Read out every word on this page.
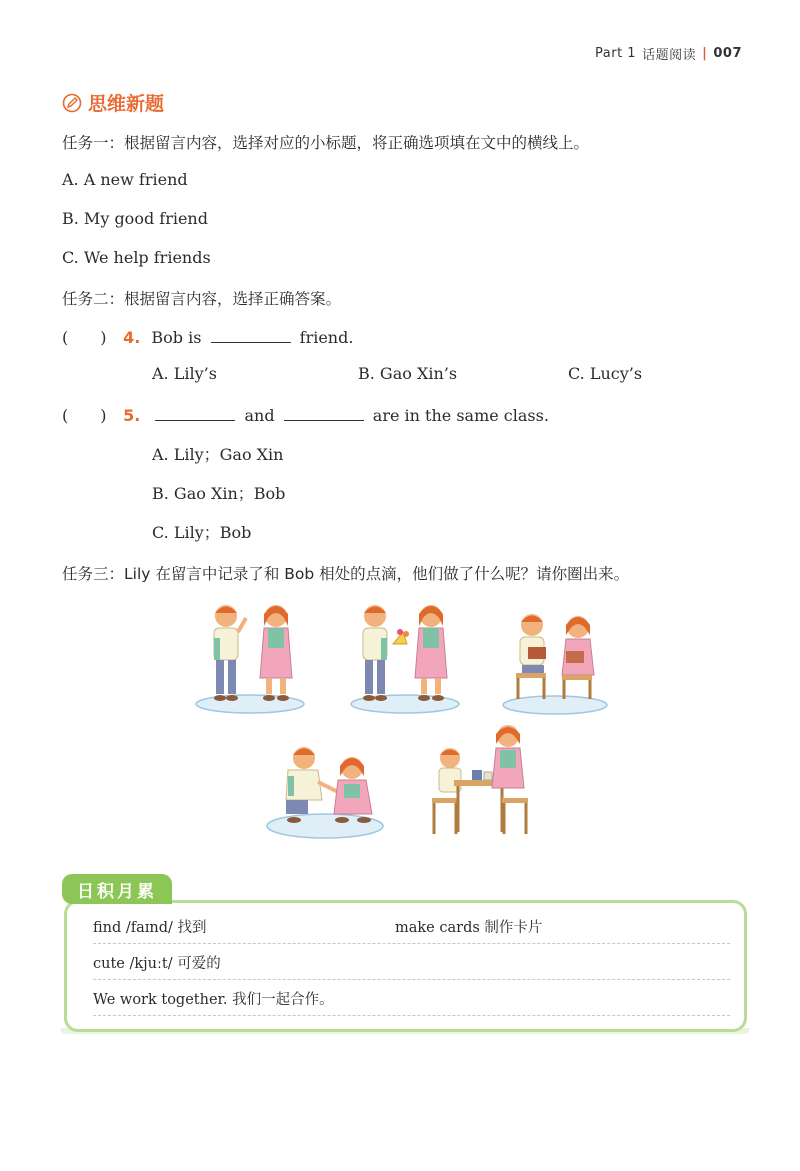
Part 1 话题阅读 | 007
思维新题
任务一：根据留言内容，选择对应的小标题，将正确选项填在文中的横线上。
A. A new friend
B. My good friend
C. We help friends
任务二：根据留言内容，选择正确答案。
(　　) 4. Bob is	friend.
A. Lily’s	B. Gao Xin’s	C. Lucy’s
(　　) 5.	and	are in the same class.
A. Lily；Gao Xin
B. Gao Xin；Bob
C. Lily；Bob
任务三：Lily 在留言中记录了和 Bob 相处的点滴，他们做了什么呢？请你圈出来。
find /faɪnd/ 找到	make cards 制作卡片
cute /kjuːt/ 可爱的
We work together. 我们一起合作。
日积月累
